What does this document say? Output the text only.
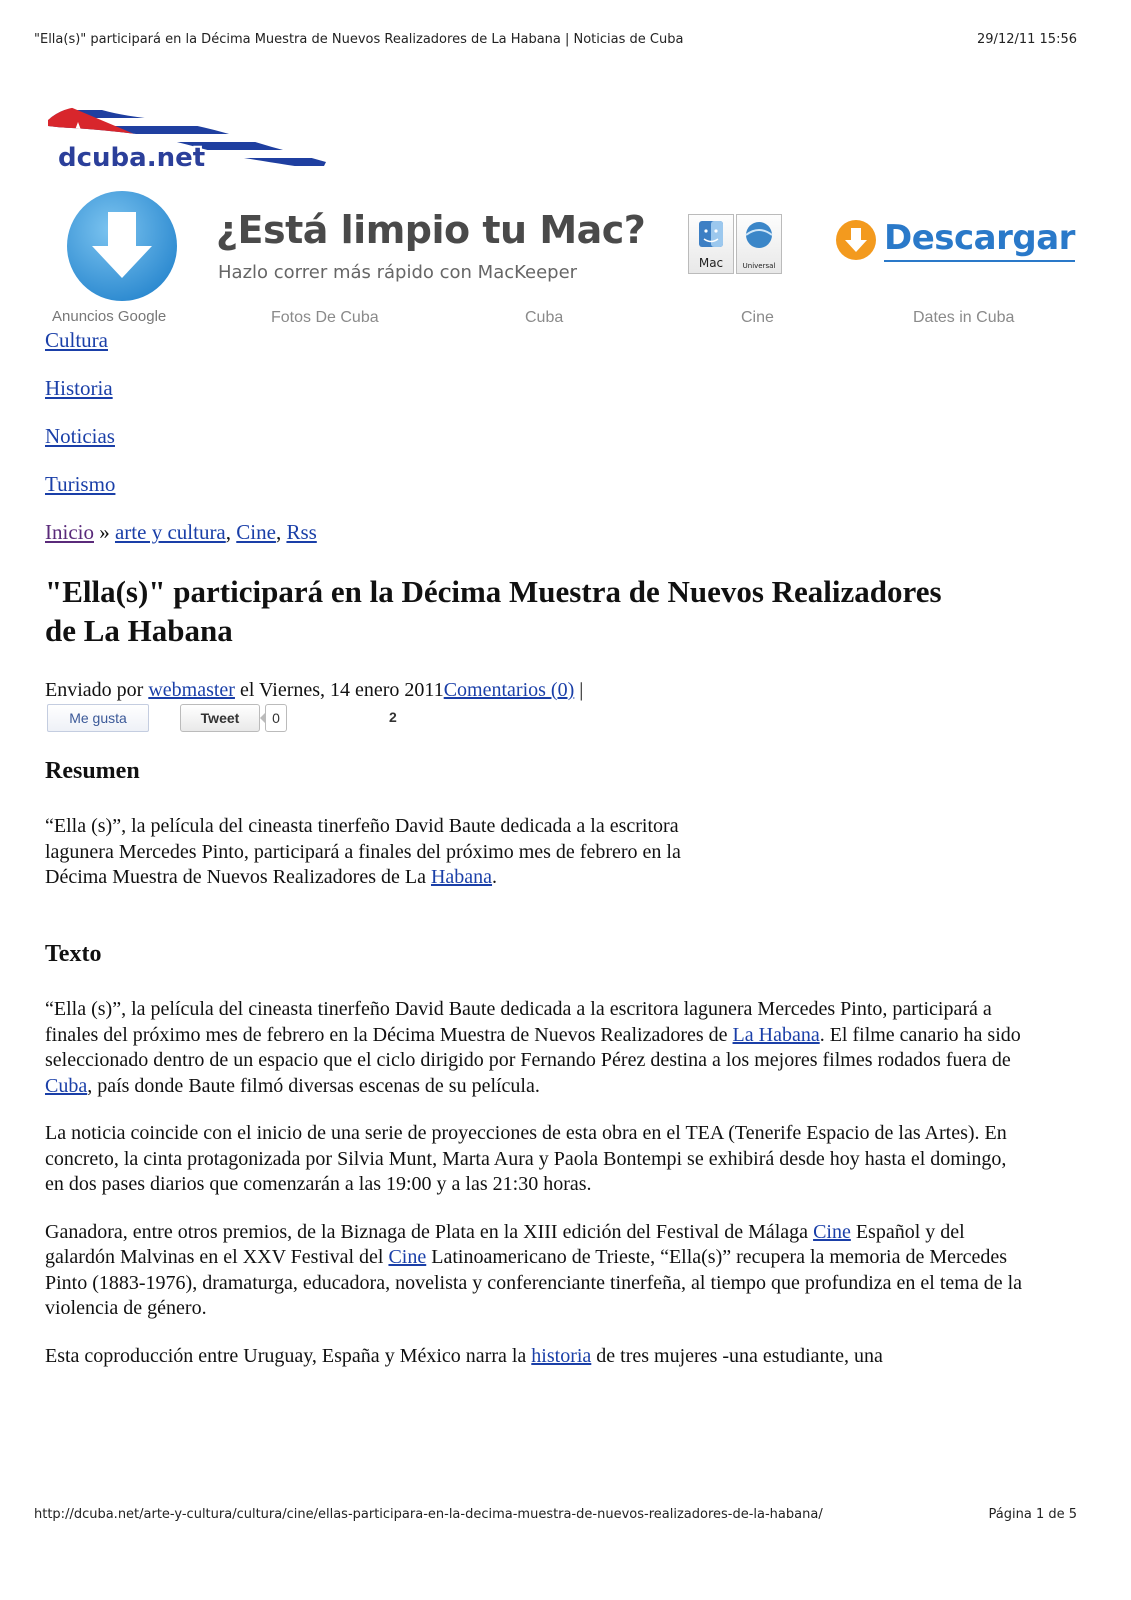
"Ella(s)" participará en la Décima Muestra de Nuevos Realizadores de La Habana | Noticias de Cuba	29/12/11 15:56
dcuba.net
¿Está limpio tu Mac?
Hazlo correr más rápido con MacKeeper	Mac	Universal
Descargar
Anuncios Google	Fotos De Cuba	Cuba	Cine	Dates in Cuba
Cultura
Historia
Noticias
Turismo
Inicio » arte y cultura, Cine, Rss
"Ella(s)" participará en la Décima Muestra de Nuevos Realizadores de La Habana
Enviado por webmaster el Viernes, 14 enero 2011Comentarios (0) |
Me gusta	Tweet	0	2
Resumen

“Ella (s)”, la película del cineasta tinerfeño David Baute dedicada a la escritora lagunera Mercedes Pinto, participará a finales del próximo mes de febrero en la Décima Muestra de Nuevos Realizadores de La Habana.

Texto

“Ella (s)”, la película del cineasta tinerfeño David Baute dedicada a la escritora lagunera Mercedes Pinto, participará a finales del próximo mes de febrero en la Décima Muestra de Nuevos Realizadores de La Habana. El filme canario ha sido seleccionado dentro de un espacio que el ciclo dirigido por Fernando Pérez destina a los mejores filmes rodados fuera de Cuba, país donde Baute filmó diversas escenas de su película.

La noticia coincide con el inicio de una serie de proyecciones de esta obra en el TEA (Tenerife Espacio de las Artes). En concreto, la cinta protagonizada por Silvia Munt, Marta Aura y Paola Bontempi se exhibirá desde hoy hasta el domingo, en dos pases diarios que comenzarán a las 19:00 y a las 21:30 horas.

Ganadora, entre otros premios, de la Biznaga de Plata en la XIII edición del Festival de Málaga Cine Español y del galardón Malvinas en el XXV Festival del Cine Latinoamericano de Trieste, “Ella(s)” recupera la memoria de Mercedes Pinto (1883-1976), dramaturga, educadora, novelista y conferenciante tinerfeña, al tiempo que profundiza en el tema de la violencia de género.

Esta coproducción entre Uruguay, España y México narra la historia de tres mujeres -una estudiante, una

http://dcuba.net/arte-y-cultura/cultura/cine/ellas-participara-en-la-decima-muestra-de-nuevos-realizadores-de-la-habana/	Página 1 de 5
